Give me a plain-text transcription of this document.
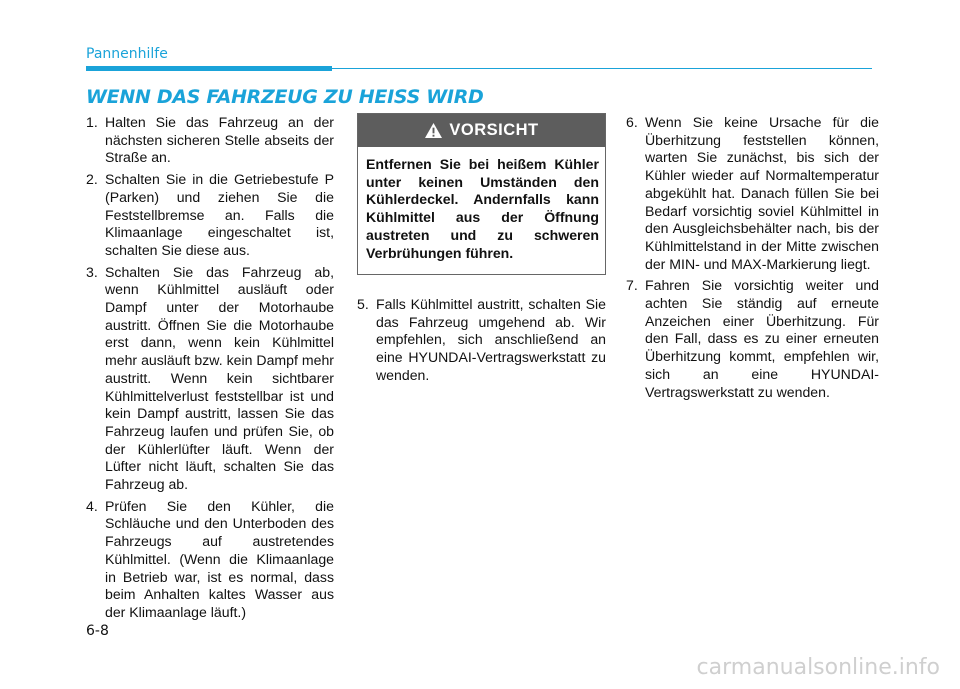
Pannenhilfe
WENN DAS FAHRZEUG ZU HEISS WIRD
1. Halten Sie das Fahrzeug an der nächsten sicheren Stelle abseits der Straße an.
2. Schalten Sie in die Getriebestufe P (Parken) und ziehen Sie die Feststellbremse an. Falls die Klimaanlage eingeschaltet ist, schalten Sie diese aus.
3. Schalten Sie das Fahrzeug ab, wenn Kühlmittel ausläuft oder Dampf unter der Motorhaube austritt. Öffnen Sie die Motorhaube erst dann, wenn kein Kühlmittel mehr ausläuft bzw. kein Dampf mehr austritt. Wenn kein sichtbarer Kühlmittelverlust feststellbar ist und kein Dampf austritt, lassen Sie das Fahrzeug laufen und prüfen Sie, ob der Kühlerlüfter läuft. Wenn der Lüfter nicht läuft, schalten Sie das Fahrzeug ab.
4. Prüfen Sie den Kühler, die Schläuche und den Unterboden des Fahrzeugs auf austretendes Kühlmittel. (Wenn die Klimaanlage in Betrieb war, ist es normal, dass beim Anhalten kaltes Wasser aus der Klimaanlage läuft.)
VORSICHT
Entfernen Sie bei heißem Kühler unter keinen Umständen den Kühlerdeckel. Andernfalls kann Kühlmittel aus der Öffnung austreten und zu schweren Verbrühungen führen.
5. Falls Kühlmittel austritt, schalten Sie das Fahrzeug umgehend ab. Wir empfehlen, sich anschließend an eine HYUNDAI-Vertragswerkstatt zu wenden.
6. Wenn Sie keine Ursache für die Überhitzung feststellen können, warten Sie zunächst, bis sich der Kühler wieder auf Normaltemperatur abgekühlt hat. Danach füllen Sie bei Bedarf vorsichtig soviel Kühlmittel in den Ausgleichsbehälter nach, bis der Kühlmittelstand in der Mitte zwischen der MIN- und MAX-Markierung liegt.
7. Fahren Sie vorsichtig weiter und achten Sie ständig auf erneute Anzeichen einer Überhitzung. Für den Fall, dass es zu einer erneuten Überhitzung kommt, empfehlen wir, sich an eine HYUNDAI-Vertragswerkstatt zu wenden.
6-8
carmanualsonline.info
